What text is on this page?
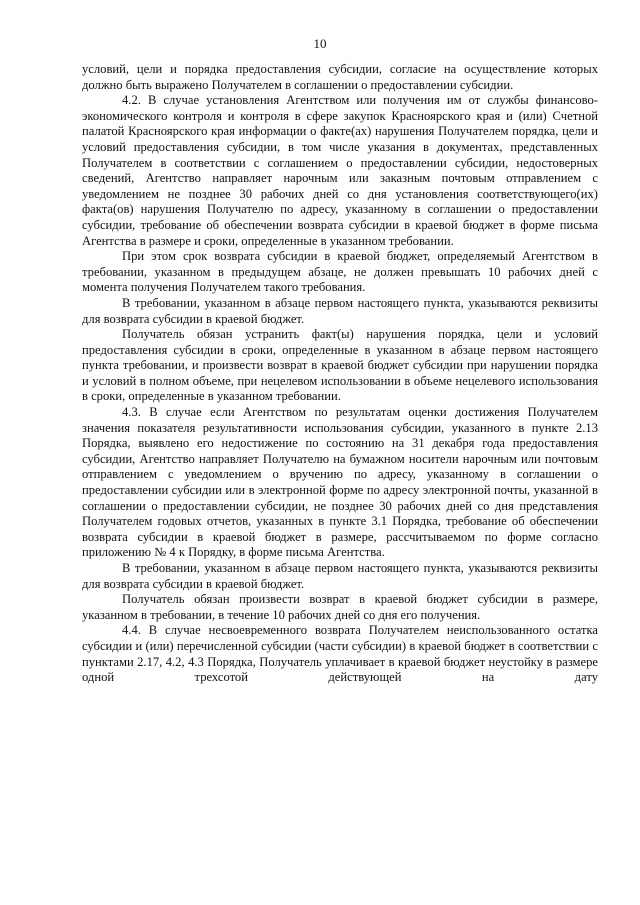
10

условий, цели и порядка предоставления субсидии, согласие на осуществление которых должно быть выражено Получателем в соглашении о предоставлении субсидии.

4.2. В случае установления Агентством или получения им от службы финансово-экономического контроля и контроля в сфере закупок Красноярского края и (или) Счетной палатой Красноярского края информации о факте(ах) нарушения Получателем порядка, цели и условий предоставления субсидии, в том числе указания в документах, представленных Получателем в соответствии с соглашением о предоставлении субсидии, недостоверных сведений, Агентство направляет нарочным или заказным почтовым отправлением с уведомлением не позднее 30 рабочих дней со дня установления соответствующего(их) факта(ов) нарушения Получателю по адресу, указанному в соглашении о предоставлении субсидии, требование об обеспечении возврата субсидии в краевой бюджет в форме письма Агентства в размере и сроки, определенные в указанном требовании.

При этом срок возврата субсидии в краевой бюджет, определяемый Агентством в требовании, указанном в предыдущем абзаце, не должен превышать 10 рабочих дней с момента получения Получателем такого требования.

В требовании, указанном в абзаце первом настоящего пункта, указываются реквизиты для возврата субсидии в краевой бюджет.

Получатель обязан устранить факт(ы) нарушения порядка, цели и условий предоставления субсидии в сроки, определенные в указанном в абзаце первом настоящего пункта требовании, и произвести возврат в краевой бюджет субсидии при нарушении порядка и условий в полном объеме, при нецелевом использовании в объеме нецелевого использования в сроки, определенные в указанном требовании.

4.3. В случае если Агентством по результатам оценки достижения Получателем значения показателя результативности использования субсидии, указанного в пункте 2.13 Порядка, выявлено его недостижение по состоянию на 31 декабря года предоставления субсидии, Агентство направляет Получателю на бумажном носители нарочным или почтовым отправлением с уведомлением о вручению по адресу, указанному в соглашении о предоставлении субсидии или в электронной форме по адресу электронной почты, указанной в соглашении о предоставлении субсидии, не позднее 30 рабочих дней со дня представления Получателем годовых отчетов, указанных в пункте 3.1 Порядка, требование об обеспечении возврата субсидии в краевой бюджет в размере, рассчитываемом по форме согласно приложению № 4 к Порядку, в форме письма Агентства.

В требовании, указанном в абзаце первом настоящего пункта, указываются реквизиты для возврата субсидии в краевой бюджет.

Получатель обязан произвести возврат в краевой бюджет субсидии в размере, указанном в требовании, в течение 10 рабочих дней со дня его получения.

4.4. В случае несвоевременного возврата Получателем неиспользованного остатка субсидии и (или) перечисленной субсидии (части субсидии) в краевой бюджет в соответствии с пунктами 2.17, 4.2, 4.3 Порядка, Получатель уплачивает в краевой бюджет неустойку в размере одной трехсотой действующей на дату
